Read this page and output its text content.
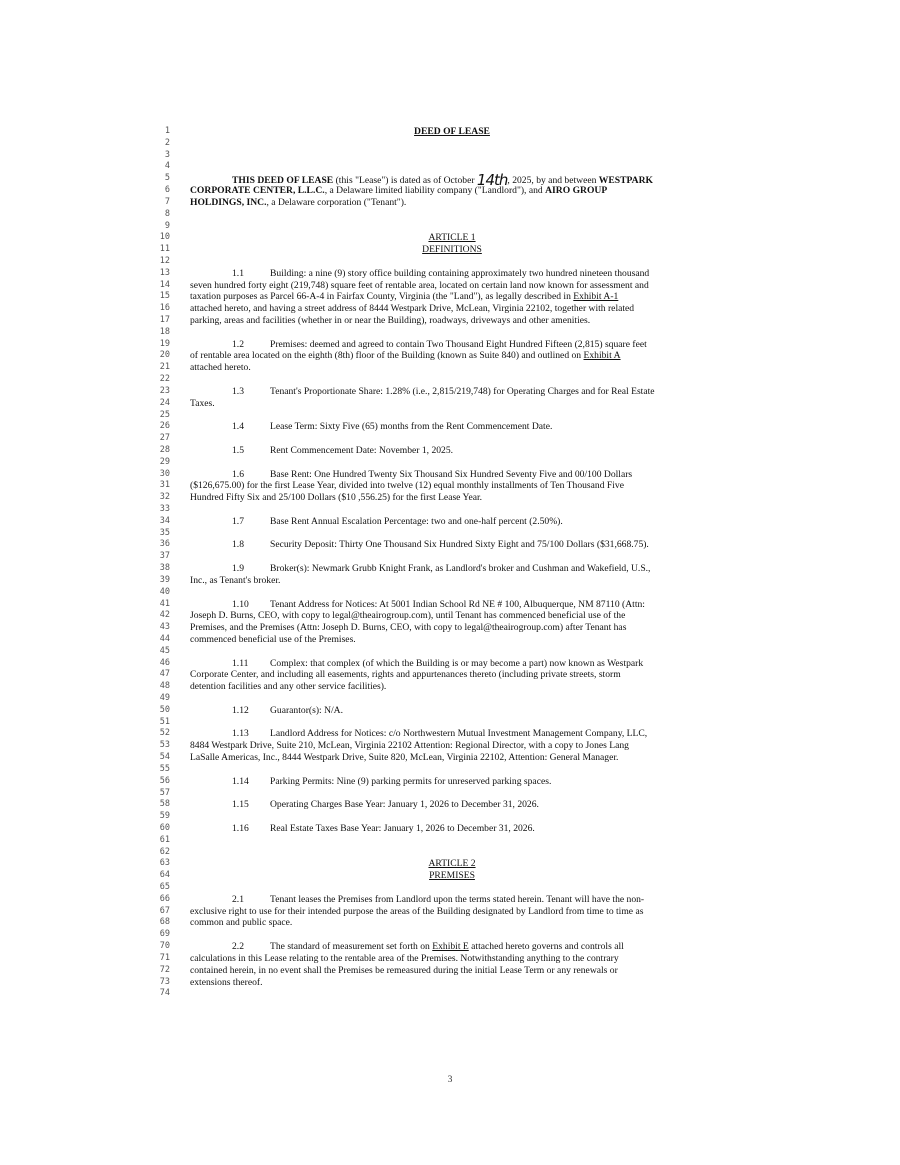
1
2
3
4
5
6
7
8
9
10
11
12
13
14
15
16
17
18
19
20
21
22
23
24
25
26
27
28
29
30
31
32
33
34
35
36
37
38
39
40
41
42
43
44
45
46
47
48
49
50
51
52
53
54
55
56
57
58
59
60
61
62
63
64
65
66
67
68
69
70
71
72
73
74
DEED OF LEASE
THIS DEED OF LEASE (this "Lease") is dated as of October 14th, 2025, by and between WESTPARK
CORPORATE CENTER, L.L.C., a Delaware limited liability company ("Landlord"), and AIRO GROUP
HOLDINGS, INC., a Delaware corporation ("Tenant").
ARTICLE 1
DEFINITIONS
1.1	Building: a nine (9) story office building containing approximately two hundred nineteen thousand
seven hundred forty eight (219,748) square feet of rentable area, located on certain land now known for assessment and
taxation purposes as Parcel 66-A-4 in Fairfax County, Virginia (the "Land"), as legally described in Exhibit A-1
attached hereto, and having a street address of 8444 Westpark Drive, McLean, Virginia 22102, together with related
parking, areas and facilities (whether in or near the Building), roadways, driveways and other amenities.
1.2	Premises: deemed and agreed to contain Two Thousand Eight Hundred Fifteen (2,815) square feet
of rentable area located on the eighth (8th) floor of the Building (known as Suite 840) and outlined on Exhibit A
attached hereto.
1.3	Tenant's Proportionate Share: 1.28% (i.e., 2,815/219,748) for Operating Charges and for Real Estate
Taxes.
1.4	Lease Term: Sixty Five (65) months from the Rent Commencement Date.
1.5	Rent Commencement Date: November 1, 2025.
1.6	Base Rent: One Hundred Twenty Six Thousand Six Hundred Seventy Five and 00/100 Dollars
($126,675.00) for the first Lease Year, divided into twelve (12) equal monthly installments of Ten Thousand Five
Hundred Fifty Six and 25/100 Dollars ($10 ,556.25) for the first Lease Year.
1.7	Base Rent Annual Escalation Percentage: two and one-half percent (2.50%).
1.8	Security Deposit: Thirty One Thousand Six Hundred Sixty Eight and 75/100 Dollars ($31,668.75).
1.9	Broker(s): Newmark Grubb Knight Frank, as Landlord's broker and Cushman and Wakefield, U.S.,
Inc., as Tenant's broker.
1.10 Tenant Address for Notices: At 5001 Indian School Rd NE # 100, Albuquerque, NM 87110 (Attn:
Joseph D. Burns, CEO, with copy to legal@theairogroup.com), until Tenant has commenced beneficial use of the
Premises, and the Premises (Attn: Joseph D. Burns, CEO, with copy to legal@theairogroup.com) after Tenant has
commenced beneficial use of the Premises.
1.11 Complex: that complex (of which the Building is or may become a part) now known as Westpark
Corporate Center, and including all easements, rights and appurtenances thereto (including private streets, storm
detention facilities and any other service facilities).
1.12 Guarantor(s): N/A.
1.13 Landlord Address for Notices: c/o Northwestern Mutual Investment Management Company, LLC,
8484 Westpark Drive, Suite 210, McLean, Virginia 22102 Attention: Regional Director, with a copy to Jones Lang
LaSalle Americas, Inc., 8444 Westpark Drive, Suite 820, McLean, Virginia 22102, Attention: General Manager.
1.14 Parking Permits: Nine (9) parking permits for unreserved parking spaces.
1.15 Operating Charges Base Year: January 1, 2026 to December 31, 2026.
1.16 Real Estate Taxes Base Year: January 1, 2026 to December 31, 2026.
ARTICLE 2
PREMISES
2.1	Tenant leases the Premises from Landlord upon the terms stated herein. Tenant will have the non-
exclusive right to use for their intended purpose the areas of the Building designated by Landlord from time to time as
common and public space.
2.2	The standard of measurement set forth on Exhibit E attached hereto governs and controls all
calculations in this Lease relating to the rentable area of the Premises. Notwithstanding anything to the contrary
contained herein, in no event shall the Premises be remeasured during the initial Lease Term or any renewals or
extensions thereof.
3
